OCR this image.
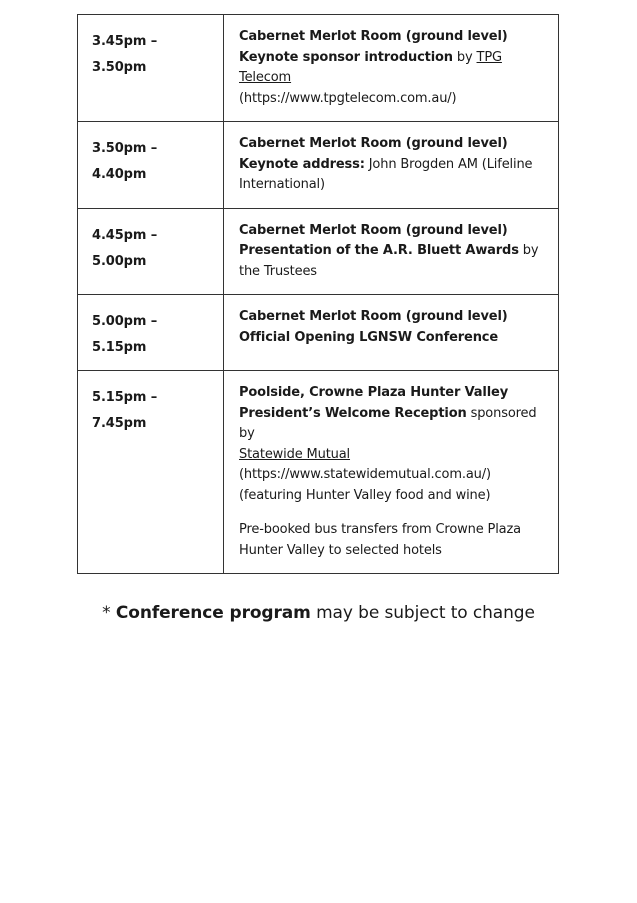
3.45pm –
3.50pm	Cabernet Merlot Room (ground level)
Keynote sponsor introduction by TPG Telecom
(https://www.tpgtelecom.com.au/)

3.50pm –
4.40pm	Cabernet Merlot Room (ground level)
Keynote address: John Brogden AM (Lifeline International)

4.45pm –
5.00pm	Cabernet Merlot Room (ground level)
Presentation of the A.R. Bluett Awards by the Trustees

5.00pm –
5.15pm	Cabernet Merlot Room (ground level)
Official Opening LGNSW Conference

5.15pm –
7.45pm	Poolside, Crowne Plaza Hunter Valley
President’s Welcome Reception sponsored by
Statewide Mutual
(https://www.statewidemutual.com.au/) (featuring Hunter Valley food and wine)
Pre-booked bus transfers from Crowne Plaza Hunter Valley to selected hotels
* Conference program may be subject to change
